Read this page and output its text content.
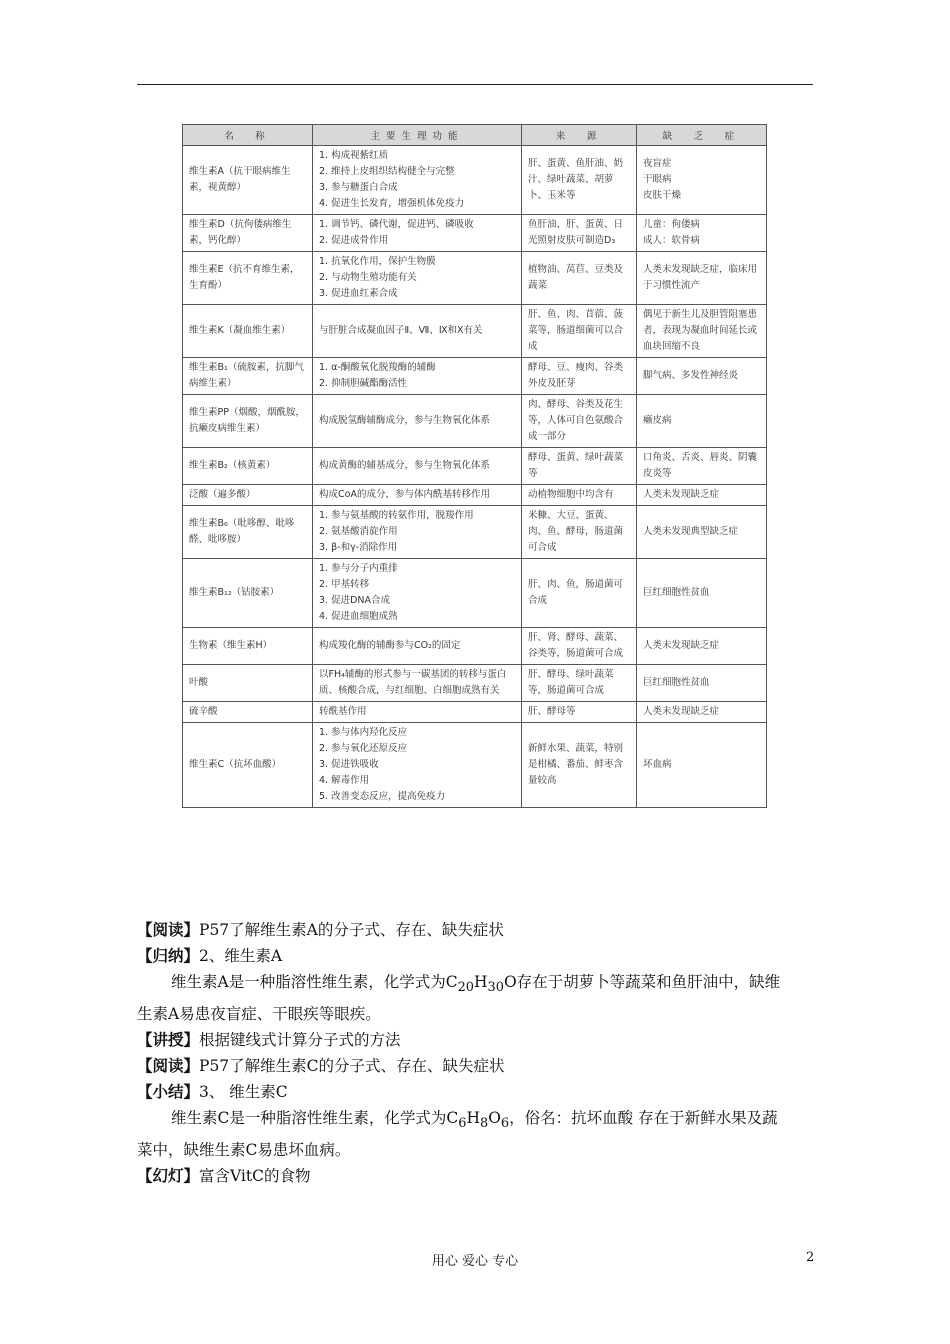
名　称	主要生理功能	来　源	缺　乏　症
维生素A（抗干眼病维生素，视黄醇）	1. 构成视紫红质
2. 维持上皮组织结构健全与完整
3. 参与糖蛋白合成
4. 促进生长发育，增强机体免疫力	肝、蛋黄、鱼肝油、奶汁、绿叶蔬菜、胡萝卜、玉米等	夜盲症
干眼病
皮肤干燥

维生素D（抗佝偻病维生素，钙化醇）	1. 调节钙、磷代谢，促进钙、磷吸收
2. 促进成骨作用	鱼肝油、肝、蛋黄、日光照射皮肤可制造D₃	儿童：佝偻病
成人：软骨病

维生素E（抗不育维生素，生育酚）	1. 抗氧化作用，保护生物膜
2. 与动物生殖功能有关
3. 促进血红素合成	植物油、莴苣、豆类及蔬菜	人类未发现缺乏症，临床用于习惯性流产

维生素K（凝血维生素）	与肝脏合成凝血因子Ⅱ、Ⅶ、Ⅸ和Ⅹ有关	肝、鱼、肉、苜蓿、菠菜等，肠道细菌可以合成	偶见于新生儿及胆管阻塞患者，表现为凝血时间延长或血块回缩不良

维生素B₁（硫胺素，抗脚气病维生素）	1. α-酮酸氧化脱羧酶的辅酶
2. 抑制胆碱酯酶活性	酵母、豆、瘦肉、谷类外皮及胚芽	脚气病、多发性神经炎

维生素PP（烟酸，烟酰胺，抗癞皮病维生素）	构成脱氢酶辅酶成分，参与生物氧化体系	肉、酵母、谷类及花生等，人体可自色氨酸合成一部分	癞皮病

维生素B₂（核黄素）	构成黄酶的辅基成分，参与生物氧化体系	酵母、蛋黄、绿叶蔬菜等	口角炎、舌炎、唇炎、阴囊皮炎等

泛酸（遍多酸）	构成CoA的成分，参与体内酰基转移作用	动植物细胞中均含有	人类未发现缺乏症

维生素B₆（吡哆醇、吡哆醛、吡哆胺）	1. 参与氨基酸的转氨作用，脱羧作用
2. 氨基酸消旋作用
3. β-和γ-消除作用	米糠、大豆、蛋黄、肉、鱼、酵母，肠道菌可合成	人类未发现典型缺乏症

维生素B₁₂（钴胺素）	1. 参与分子内重排
2. 甲基转移
3. 促进DNA合成
4. 促进血细胞成熟	肝、肉、鱼，肠道菌可合成	巨红细胞性贫血

生物素（维生素H）	构成羧化酶的辅酶参与CO₂的固定	肝、肾、酵母、蔬菜、谷类等，肠道菌可合成	人类未发现缺乏症

叶酸	以FH₄辅酶的形式参与一碳基团的转移与蛋白质、核酸合成，与红细胞、白细胞成熟有关	肝、酵母、绿叶蔬菜等，肠道菌可合成	巨红细胞性贫血

硫辛酸	转酰基作用	肝、酵母等	人类未发现缺乏症

维生素C（抗坏血酸）	1. 参与体内羟化反应
2. 参与氧化还原反应
3. 促进铁吸收
4. 解毒作用
5. 改善变态反应，提高免疫力	新鲜水果、蔬菜，特别是柑橘、番茄、鲜枣含量较高	坏血病
【阅读】P57了解维生素A的分子式、存在、缺失症状
【归纳】2、维生素A
维生素A是一种脂溶性维生素，化学式为$C_{20}H_{30}O$存在于胡萝卜等蔬菜和鱼肝油中，缺维
生素A易患夜盲症、干眼疾等眼疾。
【讲授】根据键线式计算分子式的方法
【阅读】P57了解维生素C的分子式、存在、缺失症状
【小结】3、 维生素C
维生素C是一种脂溶性维生素，化学式为$C_6H_8O_6$，俗名：抗坏血酸 存在于新鲜水果及蔬
菜中，缺维生素C易患坏血病。
【幻灯】富含VitC的食物
用心 爱心 专心	2
